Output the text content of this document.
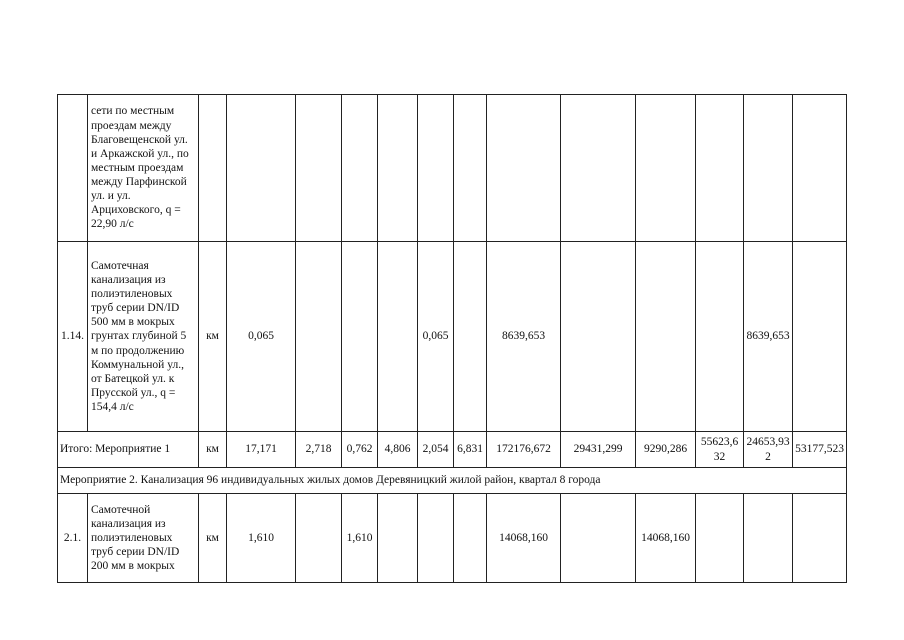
	сети по местным проездам между Благовещенской ул. и Аркажской ул., по местным проездам между Парфинской ул. и ул. Арциховского, q = 22,90 л/с													

1.14.	Самотечная канализация из полиэтиленовых труб серии DN/ID 500 мм в мокрых грунтах глубиной 5 м по продолжению Коммунальной ул., от Батецкой ул. к Прусской ул., q = 154,4 л/с	км	0,065				0,065		8639,653				8639,653	
Итого: Мероприятие 1		км	17,171	2,718	0,762	4,806	2,054	6,831	172176,672	29431,299	9290,286	55623,632	24653,932	53177,523
Мероприятие 2. Канализация 96 индивидуальных жилых домов Деревяницкий жилой район, квартал 8 города														
2.1.	Самотечной канализация из полиэтиленовых труб серии DN/ID 200 мм в мокрых	км	1,610		1,610				14068,160		14068,160			
